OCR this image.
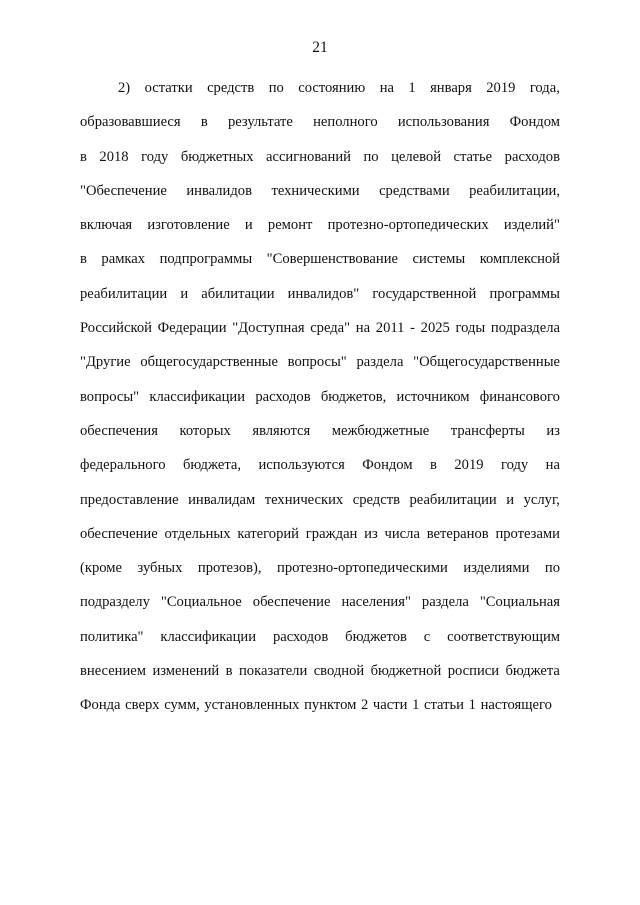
21
2) остатки средств по состоянию на 1 января 2019 года,
образовавшиеся в результате неполного использования Фондом
в 2018 году бюджетных ассигнований по целевой статье расходов
"Обеспечение инвалидов техническими средствами реабилитации,
включая изготовление и ремонт протезно-ортопедических изделий"
в рамках подпрограммы "Совершенствование системы комплексной
реабилитации и абилитации инвалидов" государственной программы
Российской Федерации "Доступная среда" на 2011 - 2025 годы подраздела
"Другие общегосударственные вопросы" раздела "Общегосударственные
вопросы" классификации расходов бюджетов, источником финансового
обеспечения которых являются межбюджетные трансферты из
федерального бюджета, используются Фондом в 2019 году на
предоставление инвалидам технических средств реабилитации и услуг,
обеспечение отдельных категорий граждан из числа ветеранов протезами
(кроме зубных протезов), протезно-ортопедическими изделиями по
подразделу "Социальное обеспечение населения" раздела "Социальная
политика" классификации расходов бюджетов с соответствующим
внесением изменений в показатели сводной бюджетной росписи бюджета
Фонда сверх сумм, установленных пунктом 2 части 1 статьи 1 настоящего
